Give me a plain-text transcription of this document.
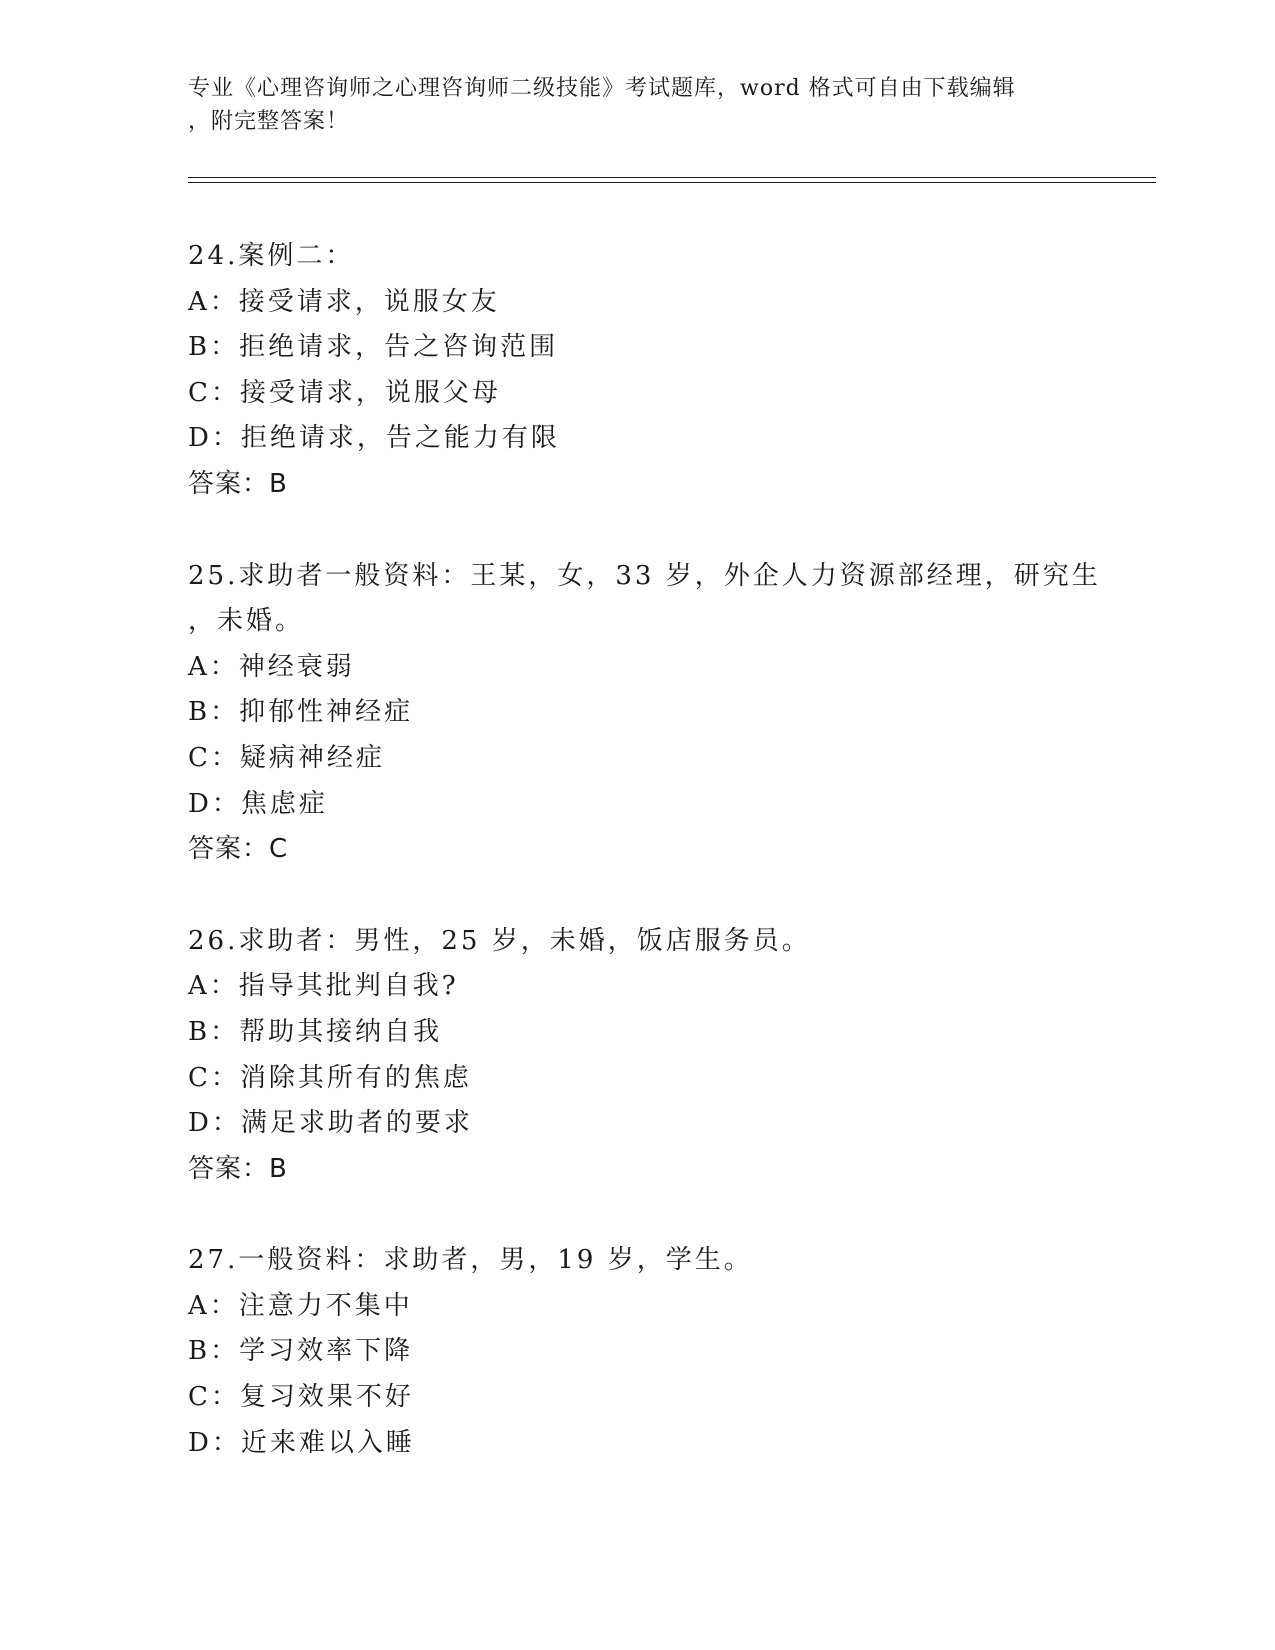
专业《心理咨询师之心理咨询师二级技能》考试题库，word 格式可自由下载编辑
，附完整答案！

24.案例二：

A：接受请求，说服女友

B：拒绝请求，告之咨询范围

C：接受请求，说服父母

D：拒绝请求，告之能力有限

答案：B

25.求助者一般资料：王某，女，33 岁，外企人力资源部经理，研究生
，未婚。

A：神经衰弱

B：抑郁性神经症

C：疑病神经症

D：焦虑症

答案：C

26.求助者：男性，25 岁，未婚，饭店服务员。

A：指导其批判自我?

B：帮助其接纳自我

C：消除其所有的焦虑

D：满足求助者的要求

答案：B

27.一般资料：求助者，男，19 岁，学生。

A：注意力不集中

B：学习效率下降

C：复习效果不好

D：近来难以入睡
